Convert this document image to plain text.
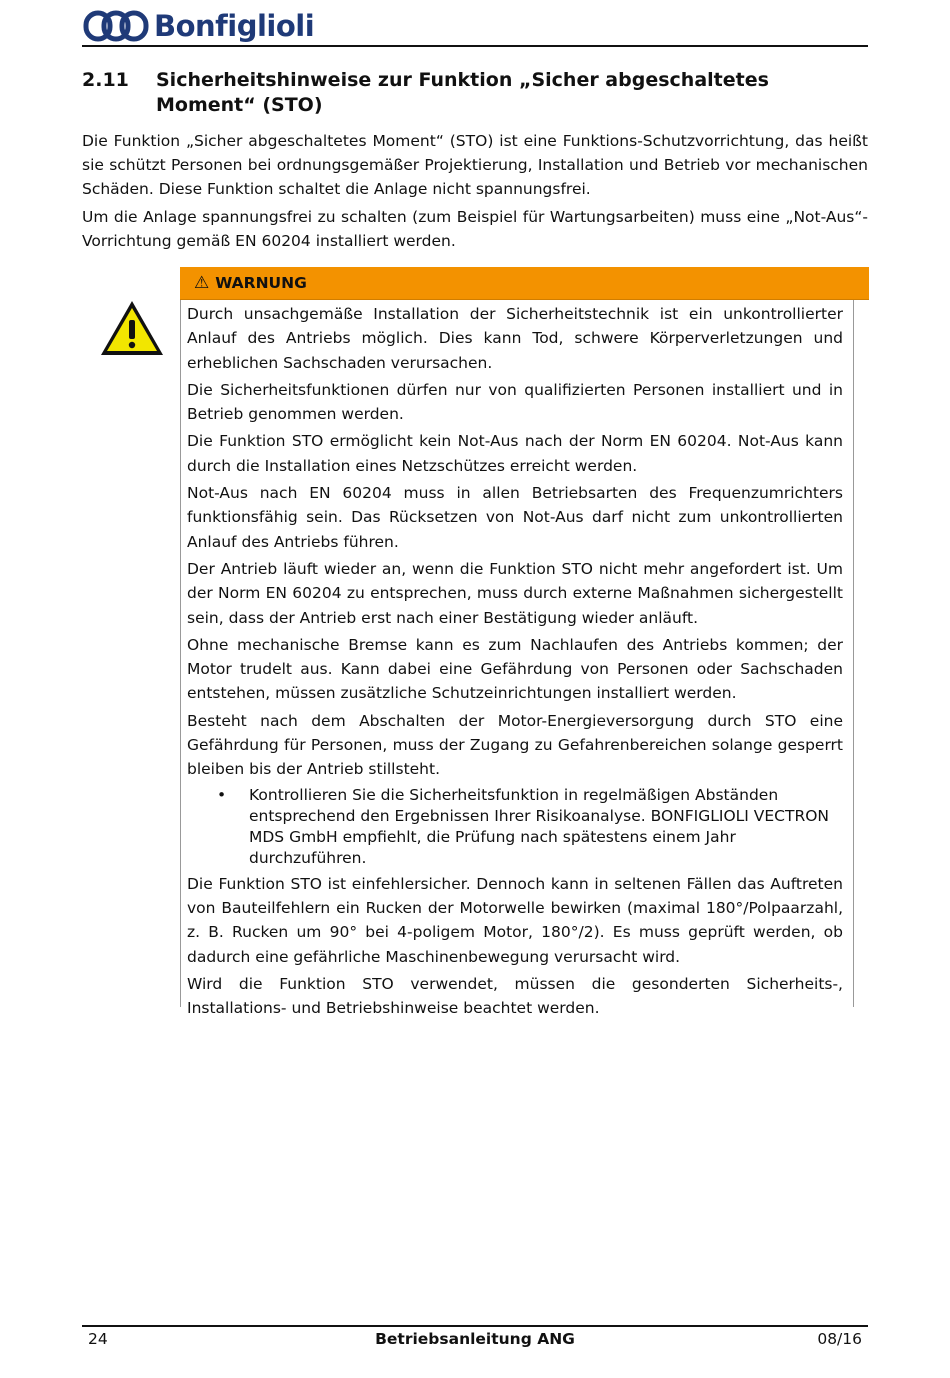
Bonfiglioli
2.11	Sicherheitshinweise zur Funktion „Sicher abgeschaltetes Moment“ (STO)

Die Funktion „Sicher abgeschaltetes Moment“ (STO) ist eine Funktions-Schutzvorrichtung, das heißt sie schützt Personen bei ordnungsgemäßer Projektierung, Installation und Betrieb vor mechanischen Schäden. Diese Funktion schaltet die Anlage nicht spannungsfrei.

Um die Anlage spannungsfrei zu schalten (zum Beispiel für Wartungsarbeiten) muss eine „Not-Aus“-Vorrichtung gemäß EN 60204 installiert werden.

⚠ WARNUNG

Durch unsachgemäße Installation der Sicherheitstechnik ist ein unkontrollierter Anlauf des Antriebs möglich. Dies kann Tod, schwere Körperverletzungen und erheblichen Sachschaden verursachen.

Die Sicherheitsfunktionen dürfen nur von qualifizierten Personen installiert und in Betrieb genommen werden.

Die Funktion STO ermöglicht kein Not-Aus nach der Norm EN 60204. Not-Aus kann durch die Installation eines Netzschützes erreicht werden.

Not-Aus nach EN 60204 muss in allen Betriebsarten des Frequenzumrichters funktionsfähig sein. Das Rücksetzen von Not-Aus darf nicht zum unkontrollierten Anlauf des Antriebs führen.

Der Antrieb läuft wieder an, wenn die Funktion STO nicht mehr angefordert ist. Um der Norm EN 60204 zu entsprechen, muss durch externe Maßnahmen sichergestellt sein, dass der Antrieb erst nach einer Bestätigung wieder anläuft.

Ohne mechanische Bremse kann es zum Nachlaufen des Antriebs kommen; der Motor trudelt aus. Kann dabei eine Gefährdung von Personen oder Sachschaden entstehen, müssen zusätzliche Schutzeinrichtungen installiert werden.

Besteht nach dem Abschalten der Motor-Energieversorgung durch STO eine Gefährdung für Personen, muss der Zugang zu Gefahrenbereichen solange gesperrt bleiben bis der Antrieb stillsteht.

•	Kontrollieren Sie die Sicherheitsfunktion in regelmäßigen Abständen entsprechend den Ergebnissen Ihrer Risikoanalyse. BONFIGLIOLI VECTRON MDS GmbH empfiehlt, die Prüfung nach spätestens einem Jahr durchzuführen.

Die Funktion STO ist einfehlersicher. Dennoch kann in seltenen Fällen das Auftreten von Bauteilfehlern ein Rucken der Motorwelle bewirken (maximal 180°/Polpaarzahl, z. B. Rucken um 90° bei 4-poligem Motor, 180°/2). Es muss geprüft werden, ob dadurch eine gefährliche Maschinenbewegung verursacht wird.

Wird die Funktion STO verwendet, müssen die gesonderten Sicherheits-, Installations- und Betriebshinweise beachtet werden.

24	Betriebsanleitung ANG	08/16
